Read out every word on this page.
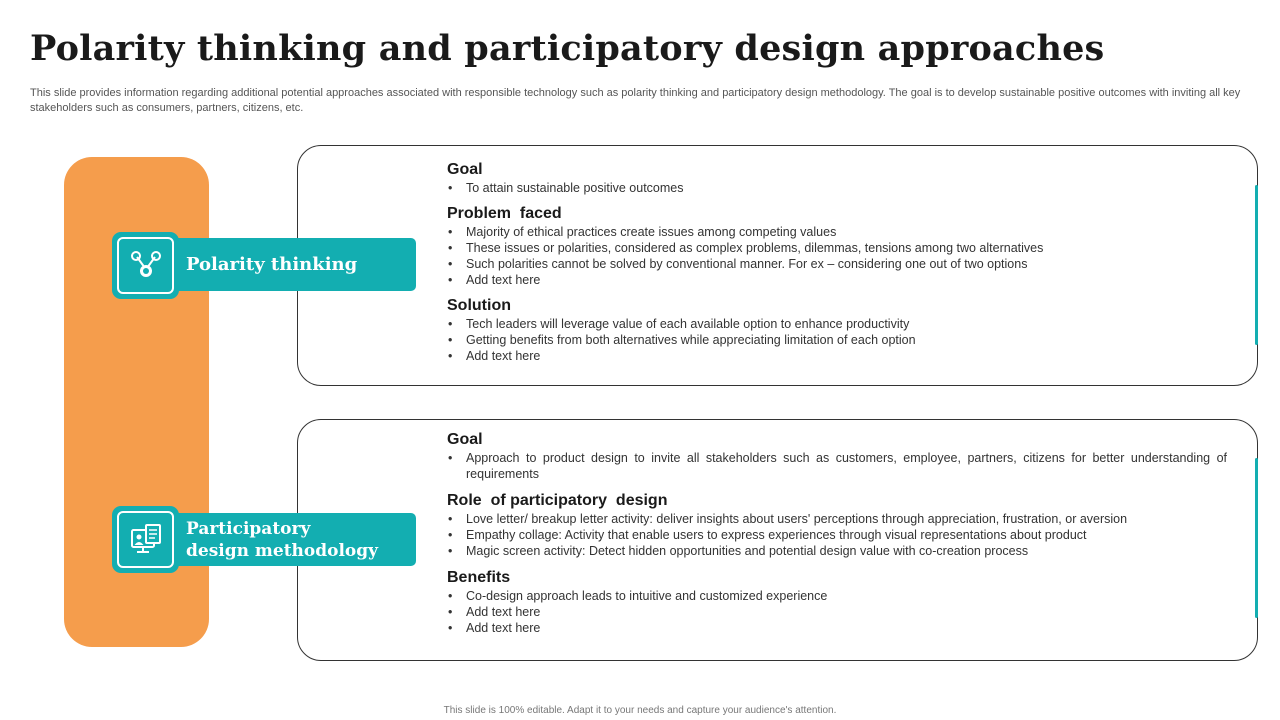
Polarity thinking and participatory design approaches
This slide provides information regarding additional potential approaches associated with responsible technology such as polarity thinking and participatory design methodology. The goal is to develop sustainable positive outcomes with inviting all key stakeholders such as consumers, partners, citizens, etc.
Polarity thinking
Goal
• To attain sustainable positive outcomes
Problem  faced
• Majority of ethical practices create issues among competing values
• These issues or polarities, considered as complex problems, dilemmas, tensions among two alternatives
• Such polarities cannot be solved by conventional manner. For ex – considering one out of two options
• Add text here
Solution
• Tech leaders will leverage value of each available option to enhance productivity
• Getting benefits from both alternatives while appreciating limitation of each option
• Add text here
Participatory
design methodology
Goal
• Approach to product design to invite all stakeholders such as customers, employee, partners, citizens for better understanding of requirements
Role  of participatory  design
• Love letter/ breakup letter activity: deliver insights about users' perceptions through appreciation, frustration, or aversion
• Empathy collage: Activity that enable users to express experiences through visual representations about product
• Magic screen activity: Detect hidden opportunities and potential design value with co-creation process
Benefits
• Co-design approach leads to intuitive and customized experience
• Add text here
• Add text here
This slide is 100% editable. Adapt it to your needs and capture your audience's attention.
